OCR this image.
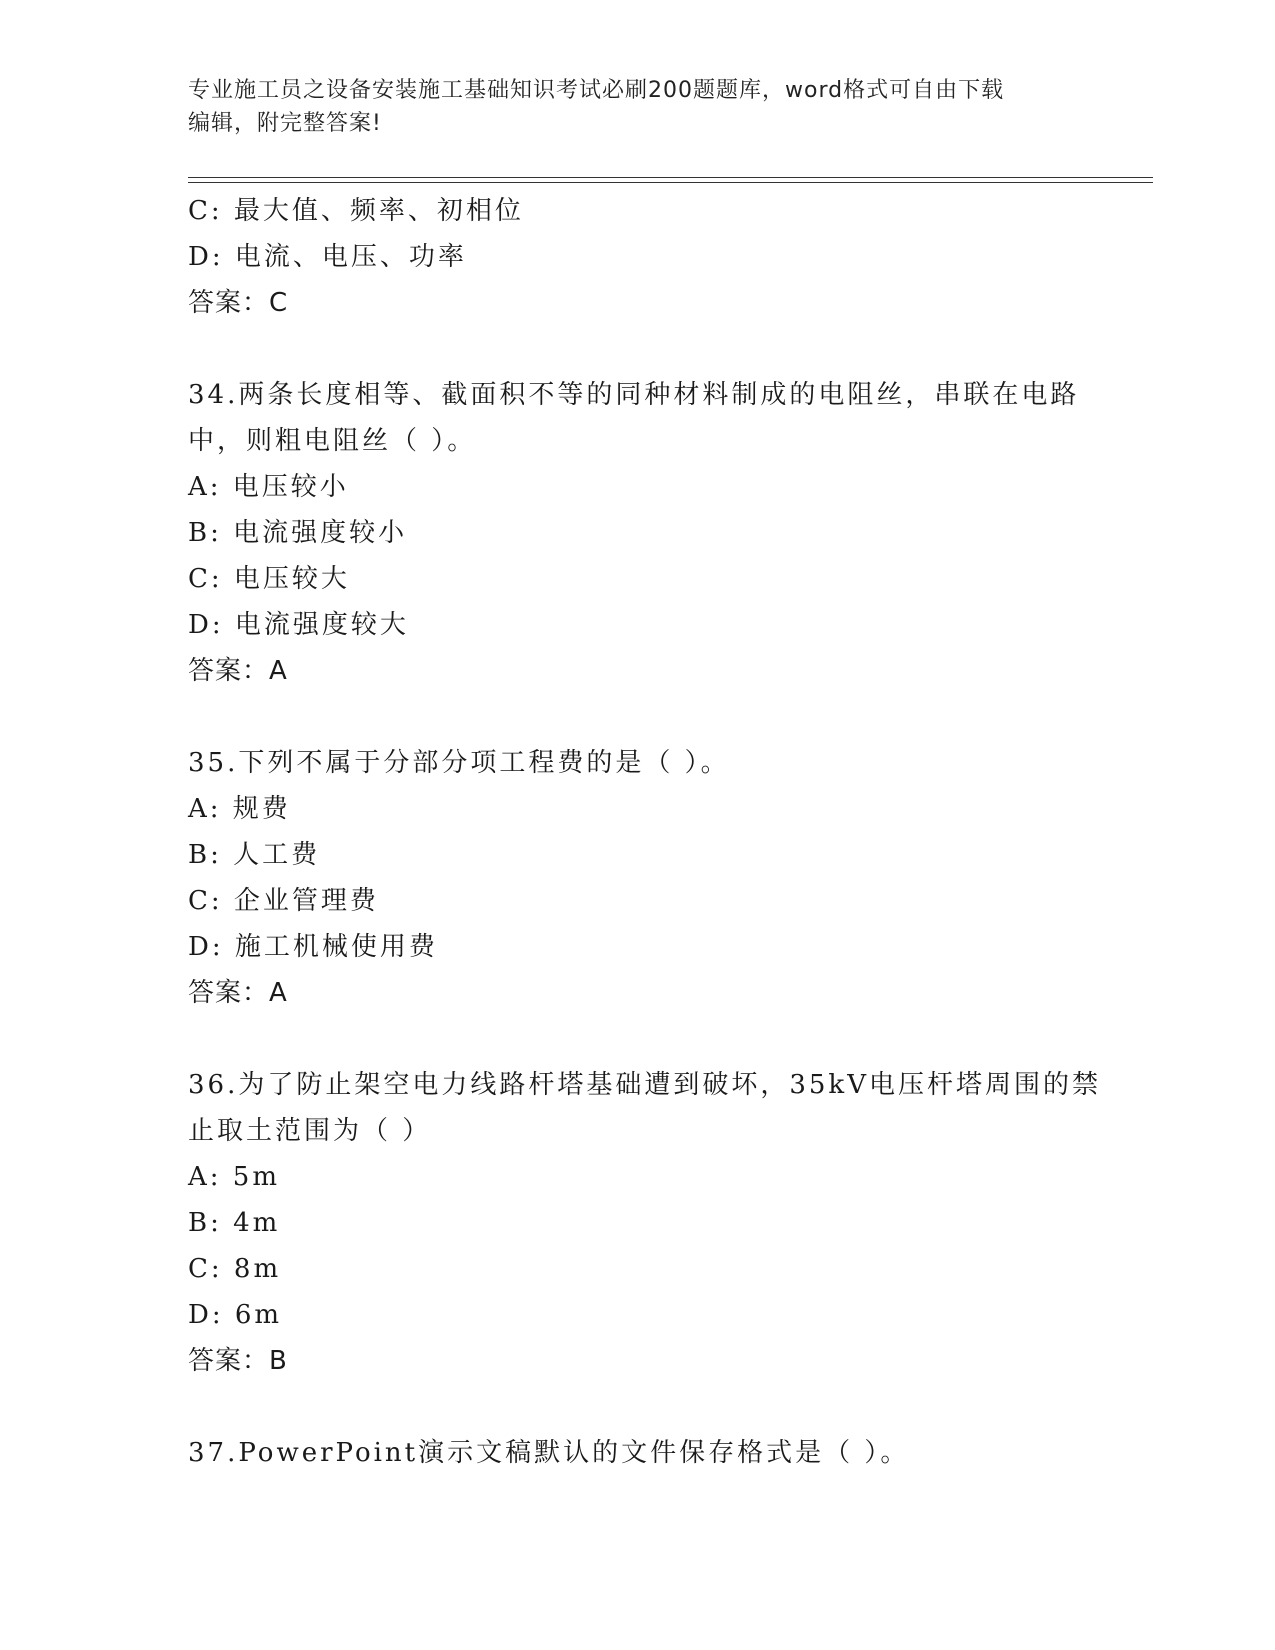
专业施工员之设备安装施工基础知识考试必刷200题题库，word格式可自由下载
编辑，附完整答案!
C: 最大值、频率、初相位
D: 电流、电压、功率
答案：C
34.两条长度相等、截面积不等的同种材料制成的电阻丝，串联在电路
中，则粗电阻丝（ ）。
A: 电压较小
B: 电流强度较小
C: 电压较大
D: 电流强度较大
答案：A
35.下列不属于分部分项工程费的是（ ）。
A: 规费
B: 人工费
C: 企业管理费
D: 施工机械使用费
答案：A
36.为了防止架空电力线路杆塔基础遭到破坏，35kV电压杆塔周围的禁
止取土范围为（ ）
A: 5m
B: 4m
C: 8m
D: 6m
答案：B
37.PowerPoint演示文稿默认的文件保存格式是（ ）。
